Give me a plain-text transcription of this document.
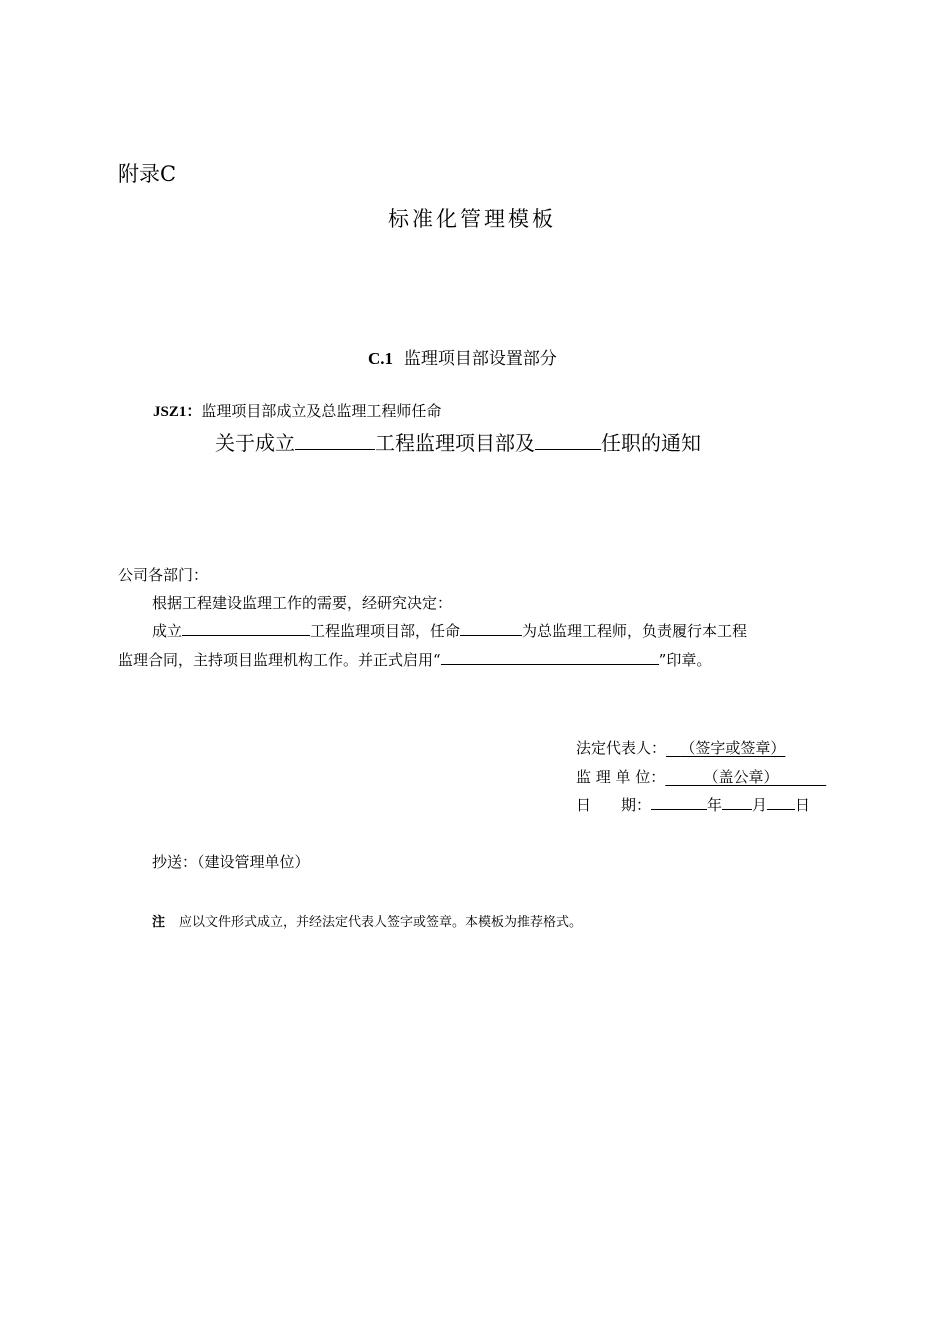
附录C
标准化管理模板
C.1 监理项目部设置部分
JSZ1：监理项目部成立及总监理工程师任命
关于成立	工程监理项目部及	任职的通知
公司各部门：
根据工程建设监理工作的需要，经研究决定：
成立	工程监理项目部，任命	为总监理工程师，负责履行本工程
监理合同，主持项目监理机构工作。并正式启用“	”印章。
法定代表人： （签字或签章）
监 理 单 位：	（盖公章）
日　　期：	年 月 日
抄送：（建设管理单位）
注 应以文件形式成立，并经法定代表人签字或签章。本模板为推荐格式。
